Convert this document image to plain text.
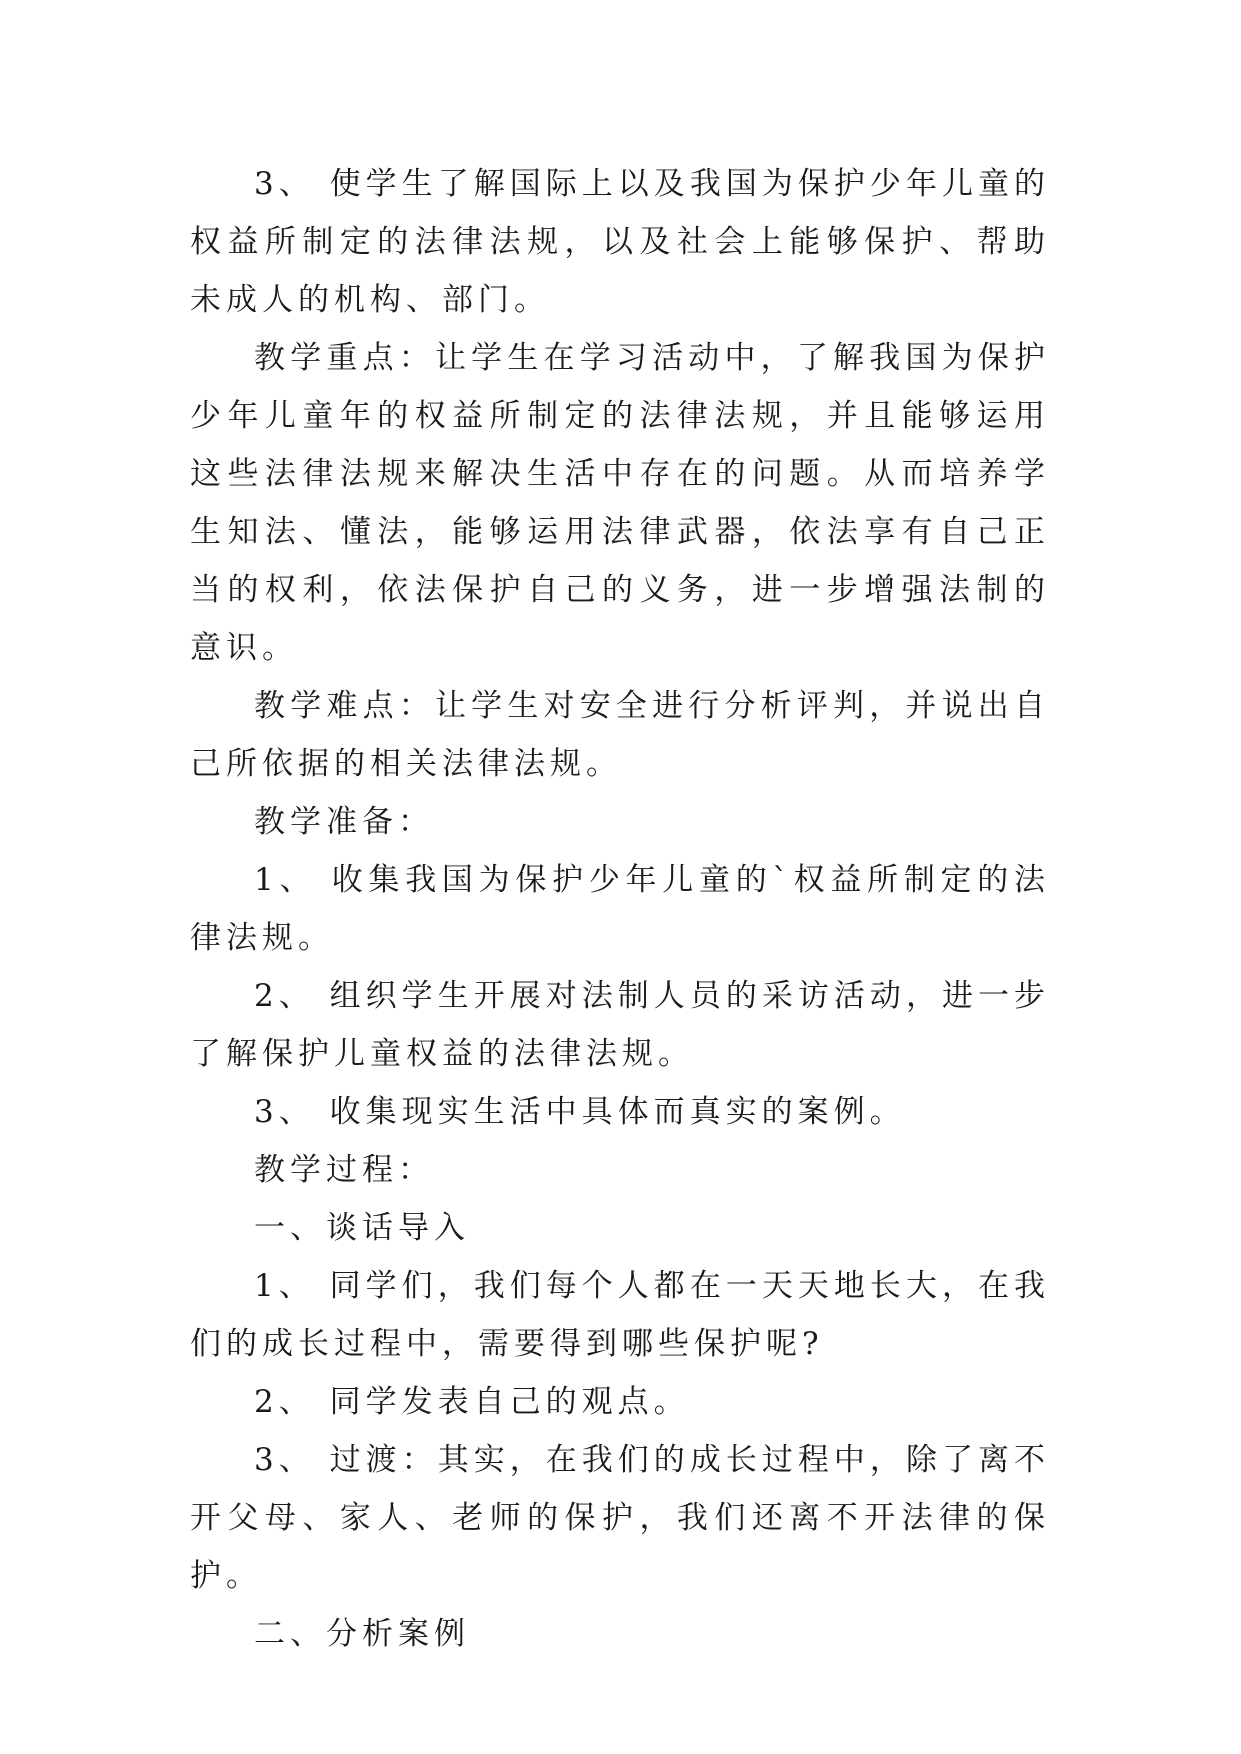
3、 使学生了解国际上以及我国为保护少年儿童的权益所制定的法律法规，以及社会上能够保护、帮助未成人的机构、部门。

教学重点：让学生在学习活动中，了解我国为保护少年儿童年的权益所制定的法律法规，并且能够运用这些法律法规来解决生活中存在的问题。从而培养学生知法、懂法，能够运用法律武器，依法享有自己正当的权利，依法保护自己的义务，进一步增强法制的意识。

教学难点：让学生对安全进行分析评判，并说出自己所依据的相关法律法规。

教学准备：

1、 收集我国为保护少年儿童的`权益所制定的法律法规。

2、 组织学生开展对法制人员的采访活动，进一步了解保护儿童权益的法律法规。

3、 收集现实生活中具体而真实的案例。

教学过程：

一、谈话导入

1、 同学们，我们每个人都在一天天地长大，在我们的成长过程中，需要得到哪些保护呢?

2、 同学发表自己的观点。

3、 过渡：其实，在我们的成长过程中，除了离不开父母、家人、老师的保护，我们还离不开法律的保护。

二、分析案例
